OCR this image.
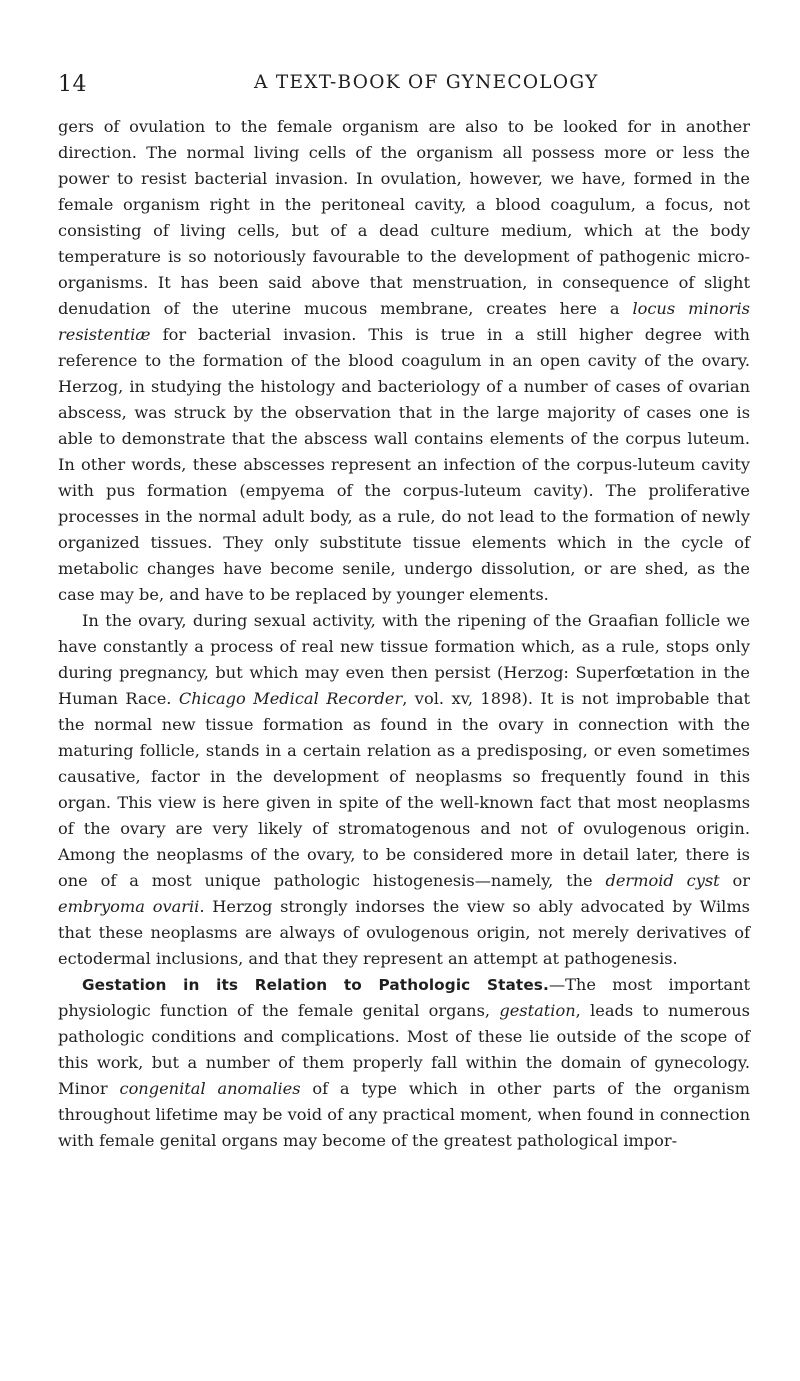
14	A TEXT-BOOK OF GYNECOLOGY

gers of ovulation to the female organism are also to be looked for in another direction. The normal living cells of the organism all possess more or less the power to resist bacterial invasion. In ovulation, however, we have, formed in the female organism right in the peritoneal cavity, a blood coagulum, a focus, not consisting of living cells, but of a dead culture medium, which at the body temperature is so notoriously favourable to the development of pathogenic micro-organisms. It has been said above that menstruation, in consequence of slight denudation of the uterine mucous membrane, creates here a locus minoris resistentiæ for bacterial invasion. This is true in a still higher degree with reference to the formation of the blood coagulum in an open cavity of the ovary. Herzog, in studying the histology and bacteriology of a number of cases of ovarian abscess, was struck by the observation that in the large majority of cases one is able to demonstrate that the abscess wall contains elements of the corpus luteum. In other words, these abscesses represent an infection of the corpus-luteum cavity with pus formation (empyema of the corpus-luteum cavity). The proliferative processes in the normal adult body, as a rule, do not lead to the formation of newly organized tissues. They only substitute tissue elements which in the cycle of metabolic changes have become senile, undergo dissolution, or are shed, as the case may be, and have to be replaced by younger elements.

In the ovary, during sexual activity, with the ripening of the Graafian follicle we have constantly a process of real new tissue formation which, as a rule, stops only during pregnancy, but which may even then persist (Herzog: Superfœtation in the Human Race. Chicago Medical Recorder, vol. xv, 1898). It is not improbable that the normal new tissue formation as found in the ovary in connection with the maturing follicle, stands in a certain relation as a predisposing, or even sometimes causative, factor in the development of neoplasms so frequently found in this organ. This view is here given in spite of the well-known fact that most neoplasms of the ovary are very likely of stromatogenous and not of ovulogenous origin. Among the neoplasms of the ovary, to be considered more in detail later, there is one of a most unique pathologic histogenesis—namely, the dermoid cyst or embryoma ovarii. Herzog strongly indorses the view so ably advocated by Wilms that these neoplasms are always of ovulogenous origin, not merely derivatives of ectodermal inclusions, and that they represent an attempt at pathogenesis.

Gestation in its Relation to Pathologic States.—The most important physiologic function of the female genital organs, gestation, leads to numerous pathologic conditions and complications. Most of these lie outside of the scope of this work, but a number of them properly fall within the domain of gynecology. Minor congenital anomalies of a type which in other parts of the organism throughout lifetime may be void of any practical moment, when found in connection with female genital organs may become of the greatest pathological impor-
